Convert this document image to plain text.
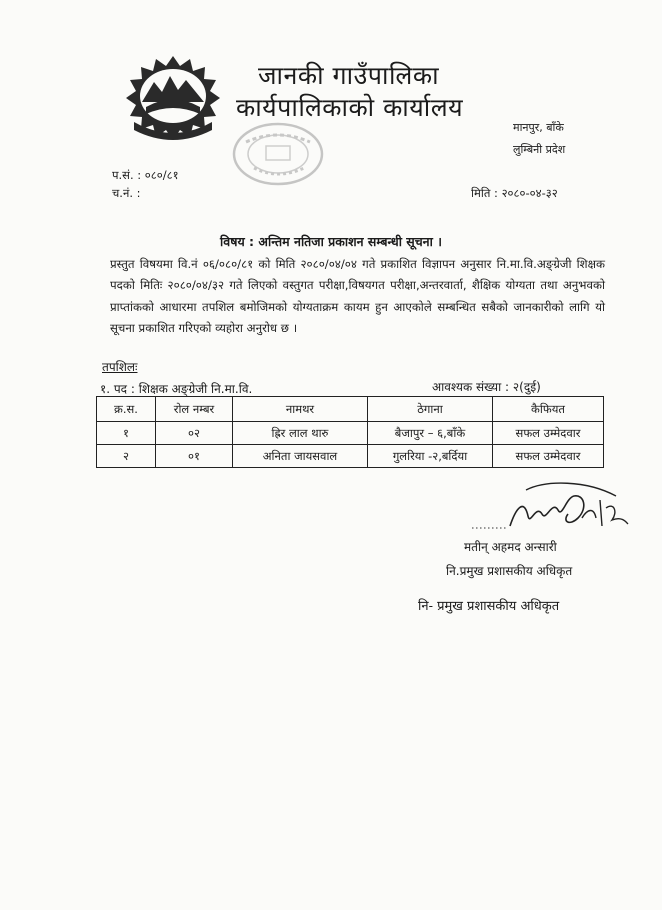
जानकी गाउँपालिका
कार्यपालिकाको कार्यालय
मानपुर, बाँके
लुम्बिनी प्रदेश
प.सं. : ०८०/८१
च.नं. :	मिति : २०८०-०४-३२
विषय : अन्तिम नतिजा प्रकाशन सम्बन्धी सूचना ।
प्रस्तुत विषयमा वि.नं ०६/०८०/८१ को मिति २०८०/०४/०४ गते प्रकाशित विज्ञापन अनुसार नि.मा.वि.अङ्ग्रेजी शिक्षक पदको मितिः २०८०/०४/३२ गते लिएको वस्तुगत परीक्षा,विषयगत परीक्षा,अन्तरवार्ता, शैक्षिक योग्यता तथा अनुभवको प्राप्तांकको आधारमा तपशिल बमोजिमको योग्यताक्रम कायम हुन आएकोले सम्बन्धित सबैको जानकारीको लागि यो सूचना प्रकाशित गरिएको व्यहोरा अनुरोध छ ।
तपशिलः
१. पद : शिक्षक अङ्ग्रेजी नि.मा.वि.	आवश्यक संख्या : २(दुई)
क्र.स.	रोल नम्बर	नामथर	ठेगाना	कैफियत
१	०२	ह्रिर लाल थारु	बैजापुर – ६,बाँके	सफल उम्मेदवार
२	०१	अनिता जायसवाल	गुलरिया -२,बर्दिया	सफल उम्मेदवार
मतीन् अहमद अन्सारी
नि.प्रमुख प्रशासकीय अधिकृत
नि- प्रमुख प्रशासकीय अधिकृत
